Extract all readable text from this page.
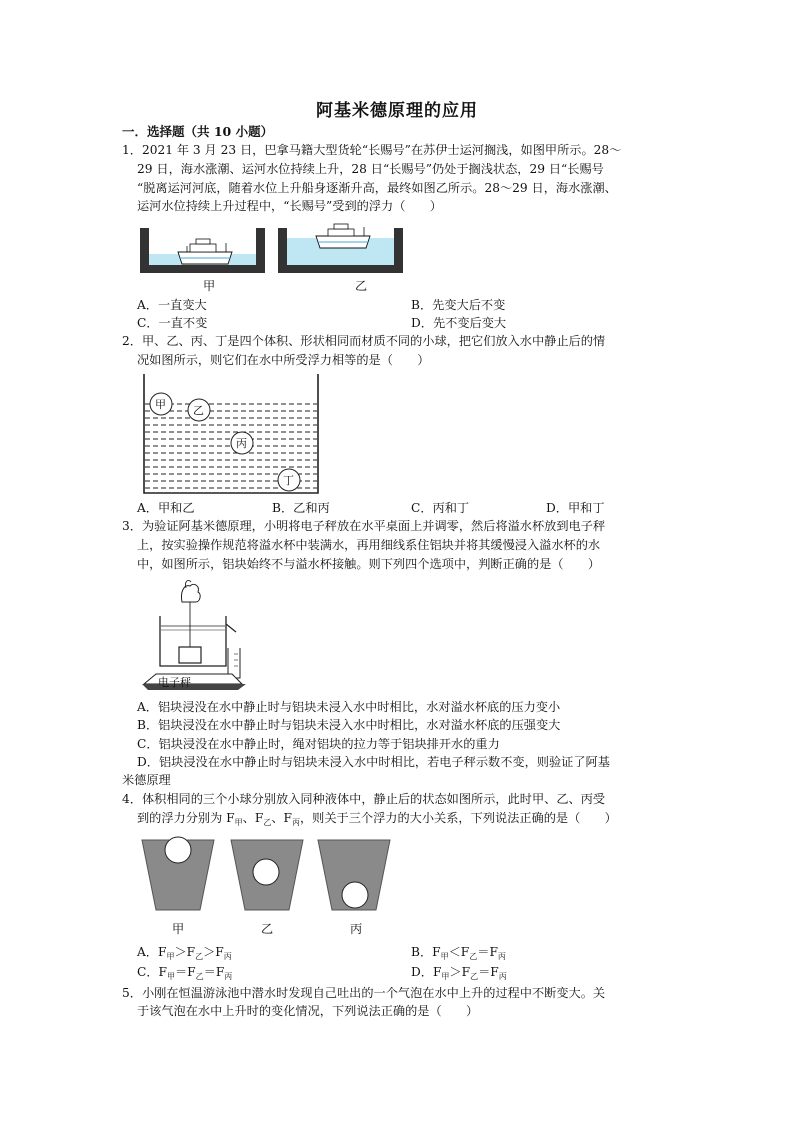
阿基米德原理的应用
一．选择题（共 10 小题）
1．2021 年 3 月 23 日，巴拿马籍大型货轮“长赐号”在苏伊士运河搁浅，如图甲所示。28～
29 日，海水涨潮、运河水位持续上升，28 日“长赐号”仍处于搁浅状态，29 日“长赐号
“脱离运河河底，随着水位上升船身逐渐升高，最终如图乙所示。28～29 日，海水涨潮、
运河水位持续上升过程中，“长赐号”受到的浮力（　　）
甲	乙
A．一直变大	B．先变大后不变
C．一直不变	D．先不变后变大
2．甲、乙、丙、丁是四个体积、形状相同而材质不同的小球，把它们放入水中静止后的情
况如图所示，则它们在水中所受浮力相等的是（　　）
甲 乙
丙
丁
A．甲和乙	B．乙和丙	C．丙和丁	D．甲和丁
3．为验证阿基米德原理，小明将电子秤放在水平桌面上并调零，然后将溢水杯放到电子秤
上，按实验操作规范将溢水杯中装满水，再用细线系住铝块并将其缓慢浸入溢水杯的水
中，如图所示，铝块始终不与溢水杯接触。则下列四个选项中，判断正确的是（　　）
电子秤
A．铝块浸没在水中静止时与铝块未浸入水中时相比，水对溢水杯底的压力变小
B．铝块浸没在水中静止时与铝块未浸入水中时相比，水对溢水杯底的压强变大
C．铝块浸没在水中静止时，绳对铝块的拉力等于铝块排开水的重力
D．铝块浸没在水中静止时与铝块未浸入水中时相比，若电子秤示数不变，则验证了阿基
米德原理
4．体积相同的三个小球分别放入同种液体中，静止后的状态如图所示，此时甲、乙、丙受
到的浮力分别为 $F_甲$、$F_乙$、$F_丙$，则关于三个浮力的大小关系，下列说法正确的是（　　）
甲	乙	丙
A．$F_甲>F_乙>F_丙$	B．$F_甲<F_乙=F_丙$
C．$F_甲=F_乙=F_丙$	D．$F_甲>F_乙=F_丙$
5．小刚在恒温游泳池中潜水时发现自己吐出的一个气泡在水中上升的过程中不断变大。关
于该气泡在水中上升时的变化情况，下列说法正确的是（　　）
